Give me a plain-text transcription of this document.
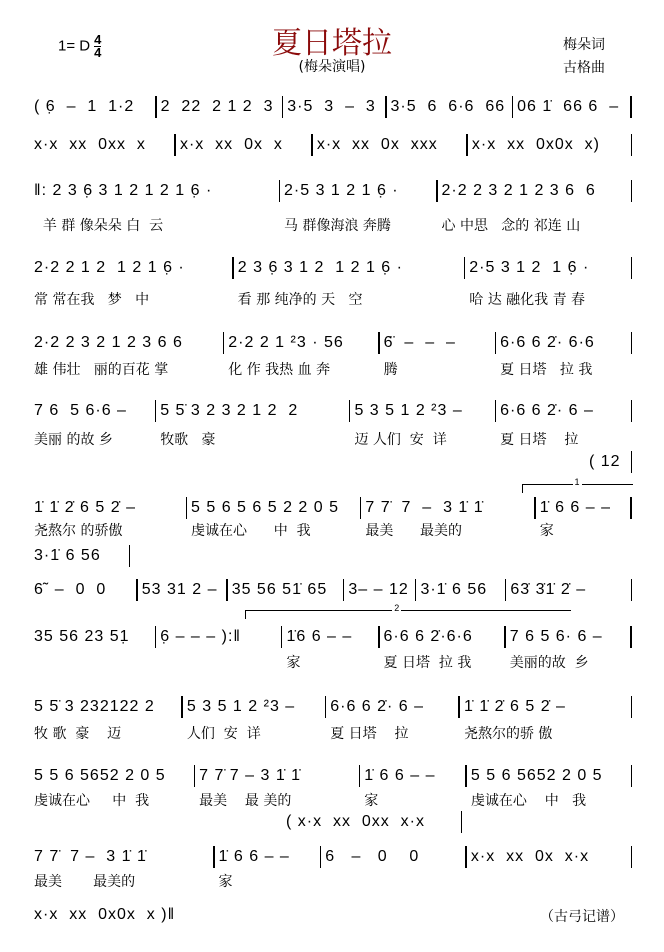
夏日塔拉
(梅朵演唱)
1= D $\frac{4}{4}$	梅朵词
古格曲
1
2
（古弓记谱）
( 6̣  –  1  1·2	2  22  2 1 2  3 3·5  3  –  3 3·5  6  6·6  66 06 1̇  66 6  –
x·x  xx  0xx  x	x·x  xx  0x  x	x·x  xx  0x  xxx	x·x  xx  0x0x  x)
‖: 2 3 6̣ 3 1 2 1 2 1 6̣ ·	2·5 3 1 2 1 6̣ ·	2·2 2 3 2 1 2 3 6  6
羊 群 像朵朵 白  云	马 群像海浪 奔腾	心 中思   念的 祁连 山
2·2 2 1 2  1 2 1 6̣ ·	2 3 6̣ 3 1 2  1 2 1 6̣ ·	2·5 3 1 2  1 6̣ ·
常 常在我   梦   中	看 那 纯净的 天   空	哈 达 融化我 青 春
2·2 2 3 2 1 2 3 6 6	2·2 2 1 ²3 · 56	6̈  –  –  –	6·6 6 2̇· 6·6
雄 伟壮   丽的百花 掌	化 作 我热 血 奔	腾	夏 日塔   拉 我
7 6  5 6·6 –	5 5̈ 3 2 3 2 1 2  2	5 3 5 1 2 ²3 –	6·6 6 2̇· 6 –
美丽 的故 乡	牧歌   豪	迈 人们  安  详	夏 日塔    拉
( 12
1̇ 1̇ 2̇ 6 5 2̇ –	5 5 6 5 6 5 2 2 0 5	7 7̈  7  –  3 1̇ 1̇	1̇ 6 6 – –
尧熬尔 的骄傲	虔诚在心      中  我	最美      最美的	家
3·1̇ 6 56
6̃  –  0  0	53 31 2 – 35 56 51̇ 65	3– – 12 3·1̇ 6 56	63̇ 3̇1̇ 2̇ –
35 56 23 51̣	6̣ – – – ):‖	1̇6 6 – –	6·6 6 2̇·6·6	7 6 5 6· 6 –
家	夏 日塔  拉 我	美丽的故  乡
5 5̈ 3 232122 2	5 3 5 1 2 ²3 –	6·6 6 2̇· 6 –	1̇ 1̇ 2̇ 6 5 2̇ –
牧 歌  豪    迈	人们  安  详	夏 日塔    拉	尧熬尔的骄 傲
5 5 6 5652 2 0 5	7 7̈ 7 – 3 1̇ 1̇	1̇ 6 6 – –	5 5 6 5652 2 0 5
虔诚在心     中  我	最美    最 美的	家	虔诚在心    中   我
( x·x  xx  0xx  x·x
7 7̈  7 –  3 1̇ 1̇	1̇ 6 6 – –	6   –   0    0	x·x  xx  0x  x·x
最美       最美的	家
x·x  xx  0x0x  x )‖
